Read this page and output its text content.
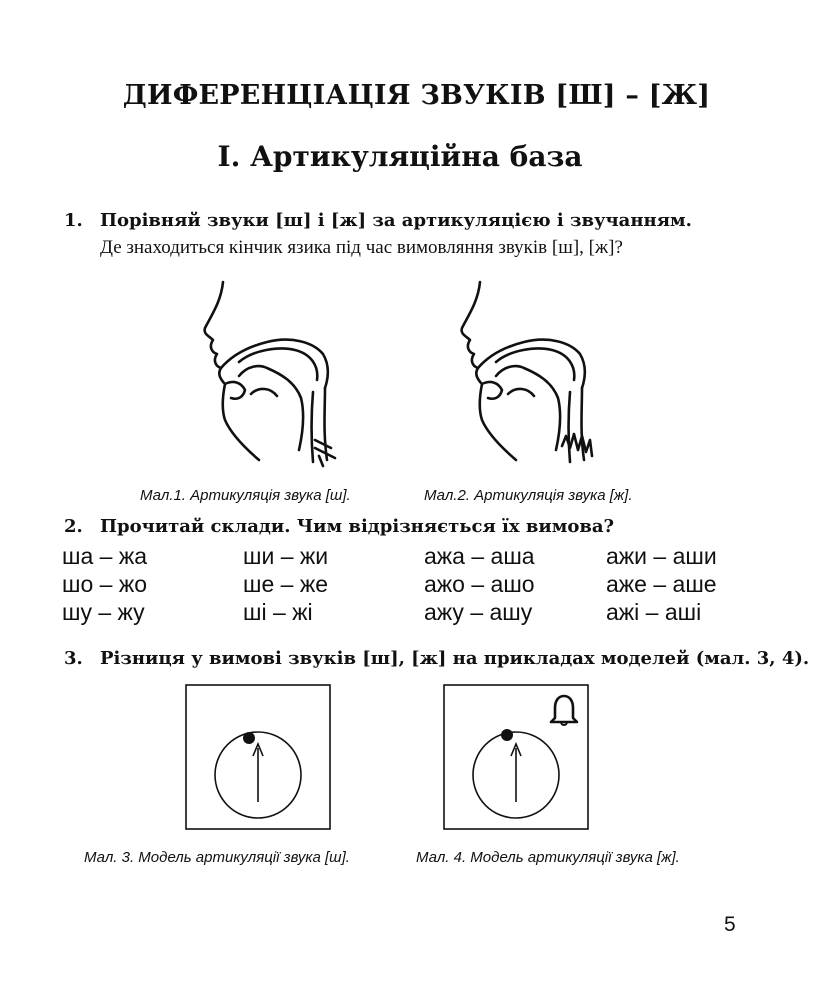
ДИФЕРЕНЦІАЦІЯ ЗВУКІВ [Ш] – [Ж]
І. Артикуляційна база
1. Порівняй звуки [ш] і [ж] за артикуляцією і звучанням.
Де знаходиться кінчик язика під час вимовляння звуків [ш], [ж]?
Мал.1. Артикуляція звука [ш].	Мал.2. Артикуляція звука [ж].
2. Прочитай склади. Чим відрізняється їх вимова?
ша – жа
шо – жо
шу – жу
ши – жи
ше – же
ші – жі
ажа – аша
ажо – ашо
ажу – ашу
ажи – аши
аже – аше
ажі – аші
3. Різниця у вимові звуків [ш], [ж] на прикладах моделей (мал. 3, 4).
Мал. 3. Модель артикуляції звука [ш].	Мал. 4. Модель артикуляції звука [ж].
5
